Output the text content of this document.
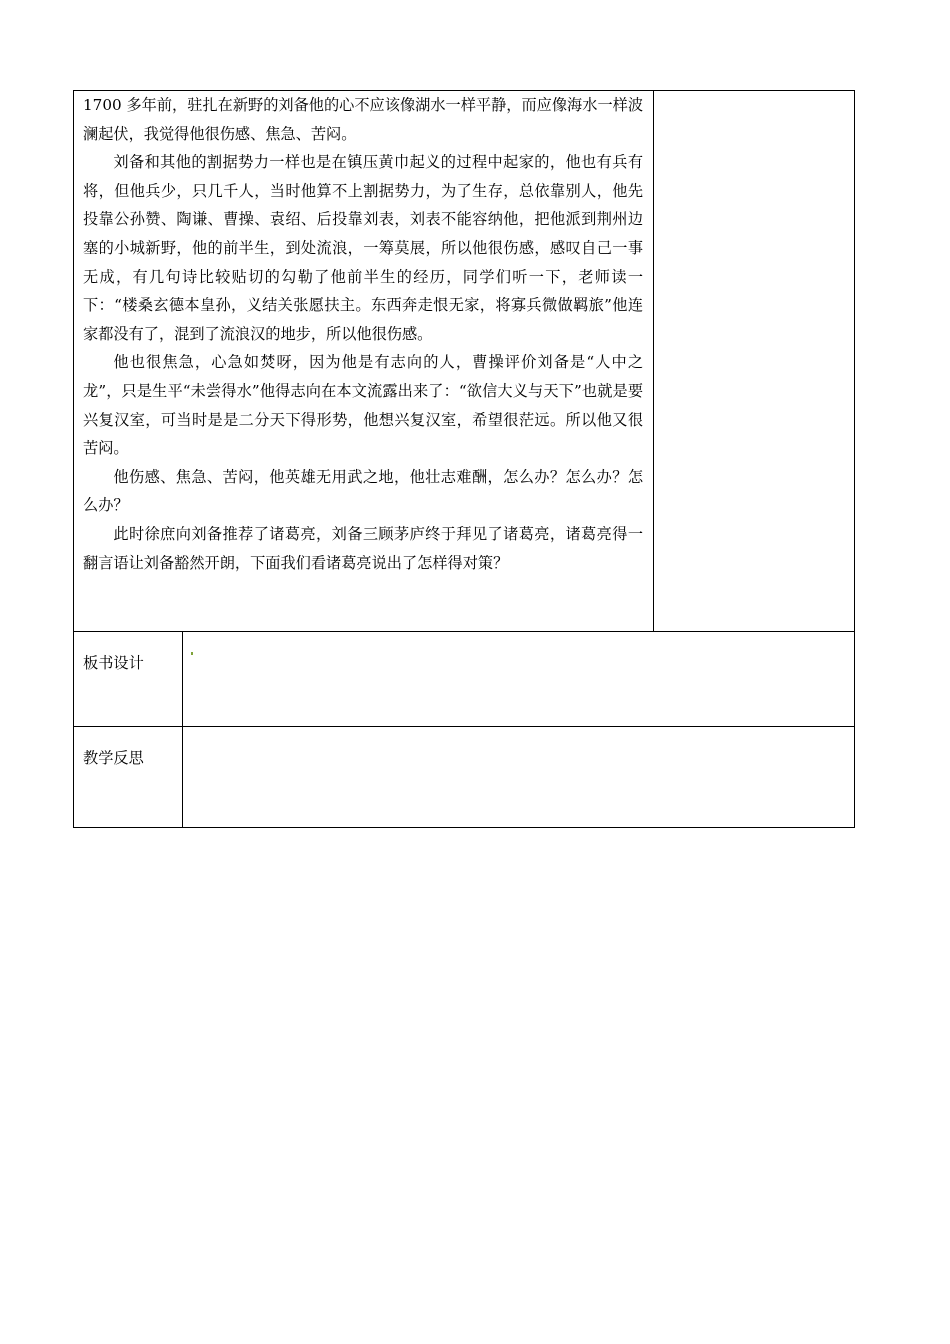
1700 多年前，驻扎在新野的刘备他的心不应该像湖水一样平静，而应像海水一样波澜起伏，我觉得他很伤感、焦急、苦闷。

刘备和其他的割据势力一样也是在镇压黄巾起义的过程中起家的，他也有兵有将，但他兵少，只几千人，当时他算不上割据势力，为了生存，总依靠别人，他先投靠公孙赞、陶谦、曹操、袁绍、后投靠刘表，刘表不能容纳他，把他派到荆州边塞的小城新野，他的前半生，到处流浪，一筹莫展，所以他很伤感，感叹自己一事无成，有几句诗比较贴切的勾勒了他前半生的经历，同学们听一下，老师读一下：“楼桑玄德本皇孙，义结关张愿扶主。东西奔走恨无家，将寡兵微做羁旅”他连家都没有了，混到了流浪汉的地步，所以他很伤感。

他也很焦急，心急如焚呀，因为他是有志向的人，曹操评价刘备是“人中之龙”，只是生平“未尝得水”他得志向在本文流露出来了：“欲信大义与天下”也就是要兴复汉室，可当时是是二分天下得形势，他想兴复汉室，希望很茫远。所以他又很苦闷。

他伤感、焦急、苦闷，他英雄无用武之地，他壮志难酬，怎么办？怎么办？怎么办？

此时徐庶向刘备推荐了诸葛亮，刘备三顾茅庐终于拜见了诸葛亮，诸葛亮得一翻言语让刘备豁然开朗，下面我们看诸葛亮说出了怎样得对策？		

板书设计		
教学反思		
